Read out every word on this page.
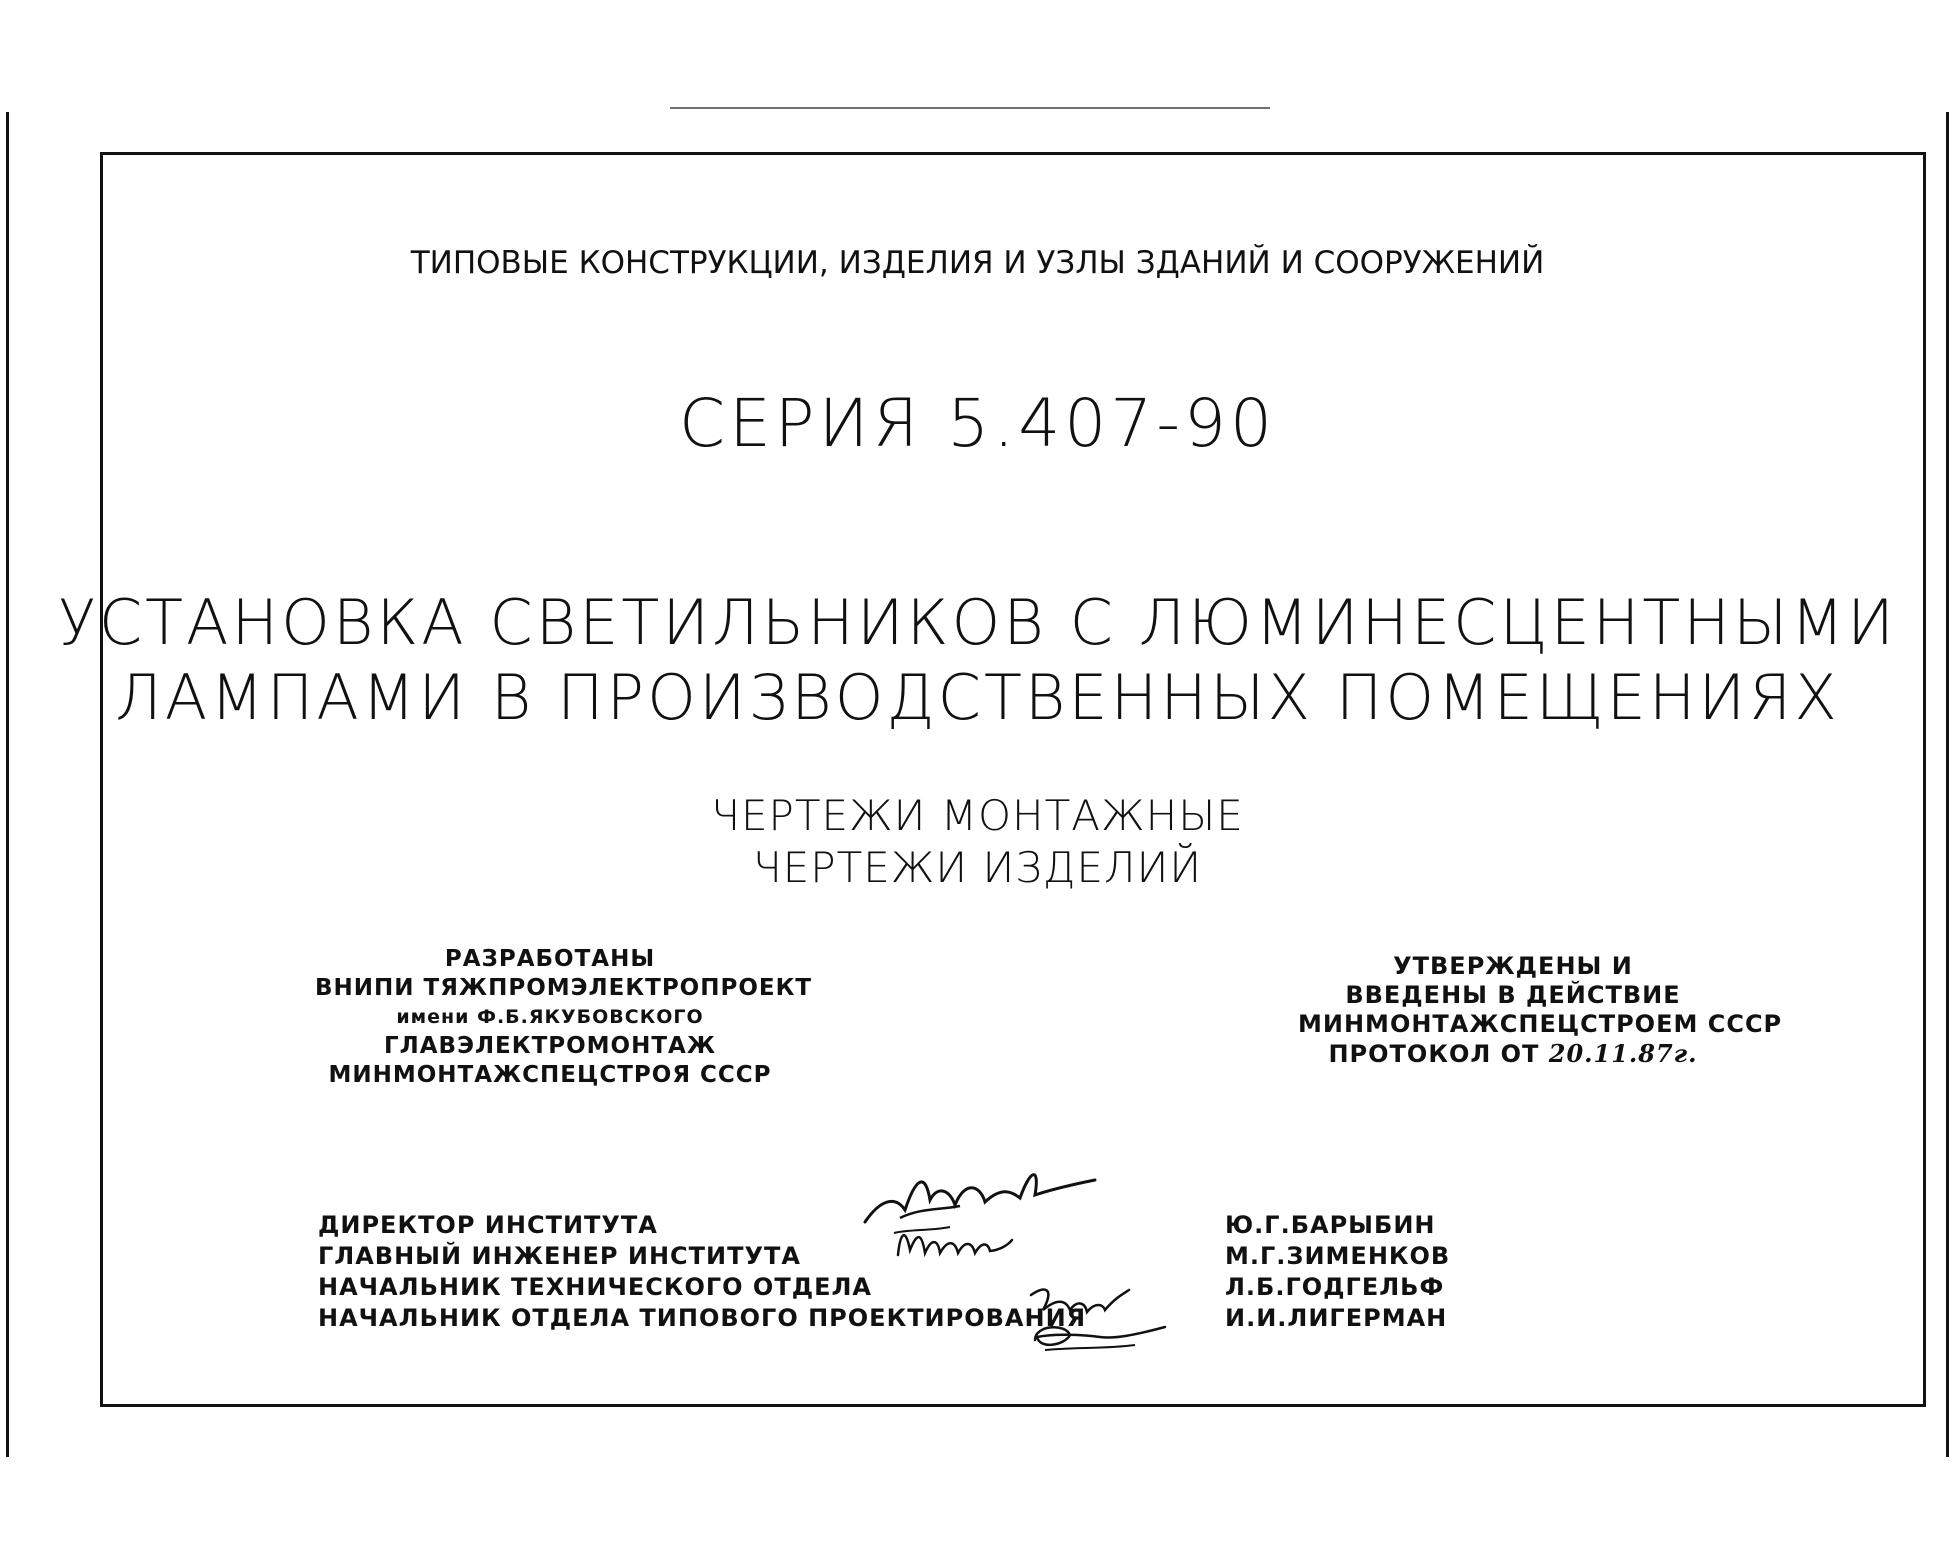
ТИПОВЫЕ КОНСТРУКЦИИ, ИЗДЕЛИЯ И УЗЛЫ ЗДАНИЙ И СООРУЖЕНИЙ
СЕРИЯ 5.407-90
УСТАНОВКА СВЕТИЛЬНИКОВ С ЛЮМИНЕСЦЕНТНЫМИ
ЛАМПАМИ В ПРОИЗВОДСТВЕННЫХ ПОМЕЩЕНИЯХ
ЧЕРТЕЖИ МОНТАЖНЫЕ
ЧЕРТЕЖИ ИЗДЕЛИЙ
РАЗРАБОТАНЫ
ВНИПИ ТЯЖПРОМЭЛЕКТРОПРОЕКТ
имени Ф.Б.ЯКУБОВСКОГО
ГЛАВЭЛЕКТРОМОНТАЖ
МИНМОНТАЖСПЕЦСТРОЯ СССР
УТВЕРЖДЕНЫ И
ВВЕДЕНЫ В ДЕЙСТВИЕ
МИНМОНТАЖСПЕЦСТРОЕМ СССР
ПРОТОКОЛ ОТ 20.11.87г.
ДИРЕКТОР ИНСТИТУТА
ГЛАВНЫЙ ИНЖЕНЕР ИНСТИТУТА
НАЧАЛЬНИК ТЕХНИЧЕСКОГО ОТДЕЛА
НАЧАЛЬНИК ОТДЕЛА ТИПОВОГО ПРОЕКТИРОВАНИЯ
Ю.Г.БАРЫБИН
М.Г.ЗИМЕНКОВ
Л.Б.ГОДГЕЛЬФ
И.И.ЛИГЕРМАН
